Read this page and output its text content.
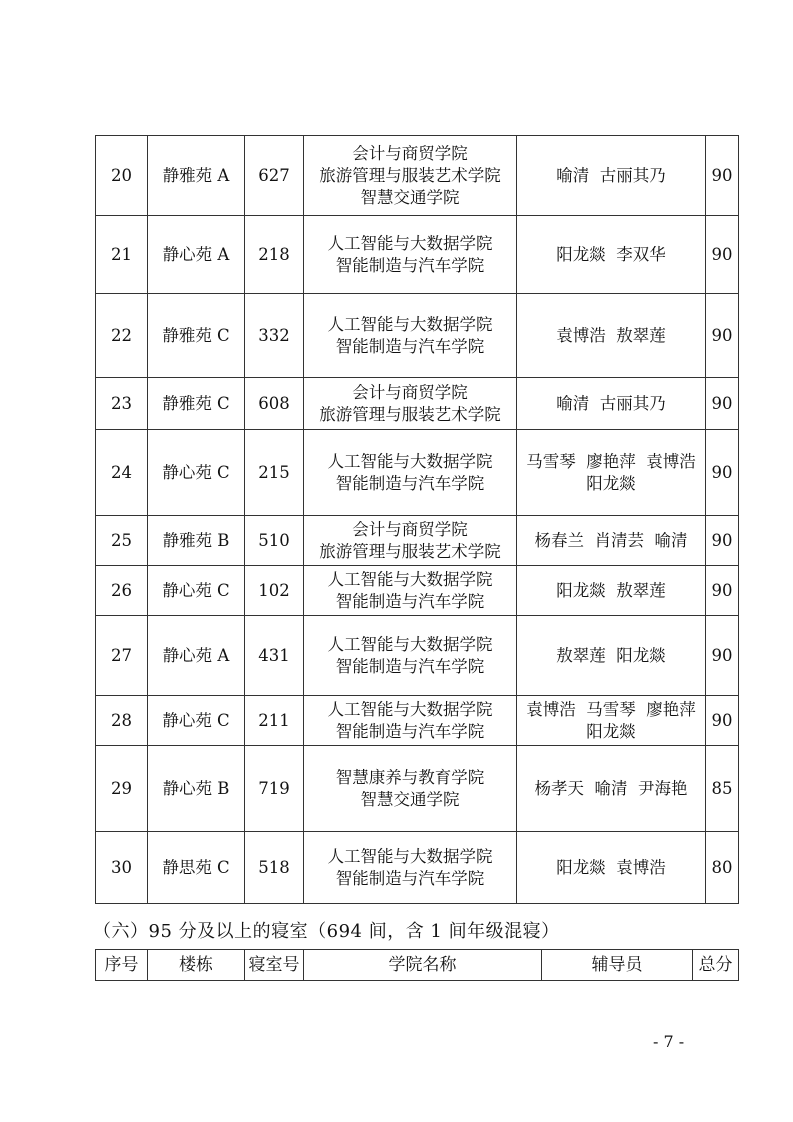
20	静雅苑 A	627	会计与商贸学院
旅游管理与服装艺术学院
智慧交通学院	喻清  古丽其乃	90
21	静心苑 A	218	人工智能与大数据学院
智能制造与汽车学院	阳龙燚  李双华	90
22	静雅苑 C	332	人工智能与大数据学院
智能制造与汽车学院	袁博浩  敖翠莲	90
23	静雅苑 C	608	会计与商贸学院
旅游管理与服装艺术学院	喻清  古丽其乃	90
24	静心苑 C	215	人工智能与大数据学院
智能制造与汽车学院	马雪琴  廖艳萍  袁博浩
阳龙燚	90
25	静雅苑 B	510	会计与商贸学院
旅游管理与服装艺术学院	杨春兰  肖清芸  喻清	90
26	静心苑 C	102	人工智能与大数据学院
智能制造与汽车学院	阳龙燚  敖翠莲	90
27	静心苑 A	431	人工智能与大数据学院
智能制造与汽车学院	敖翠莲  阳龙燚	90
28	静心苑 C	211	人工智能与大数据学院
智能制造与汽车学院	袁博浩  马雪琴  廖艳萍
阳龙燚	90
29	静心苑 B	719	智慧康养与教育学院
智慧交通学院	杨孝天  喻清  尹海艳	85
30	静思苑 C	518	人工智能与大数据学院
智能制造与汽车学院	阳龙燚  袁博浩	80
（六）95 分及以上的寝室（694 间，含 1 间年级混寝）
序号	楼栋	寝室号	学院名称	辅导员	总分
- 7 -
